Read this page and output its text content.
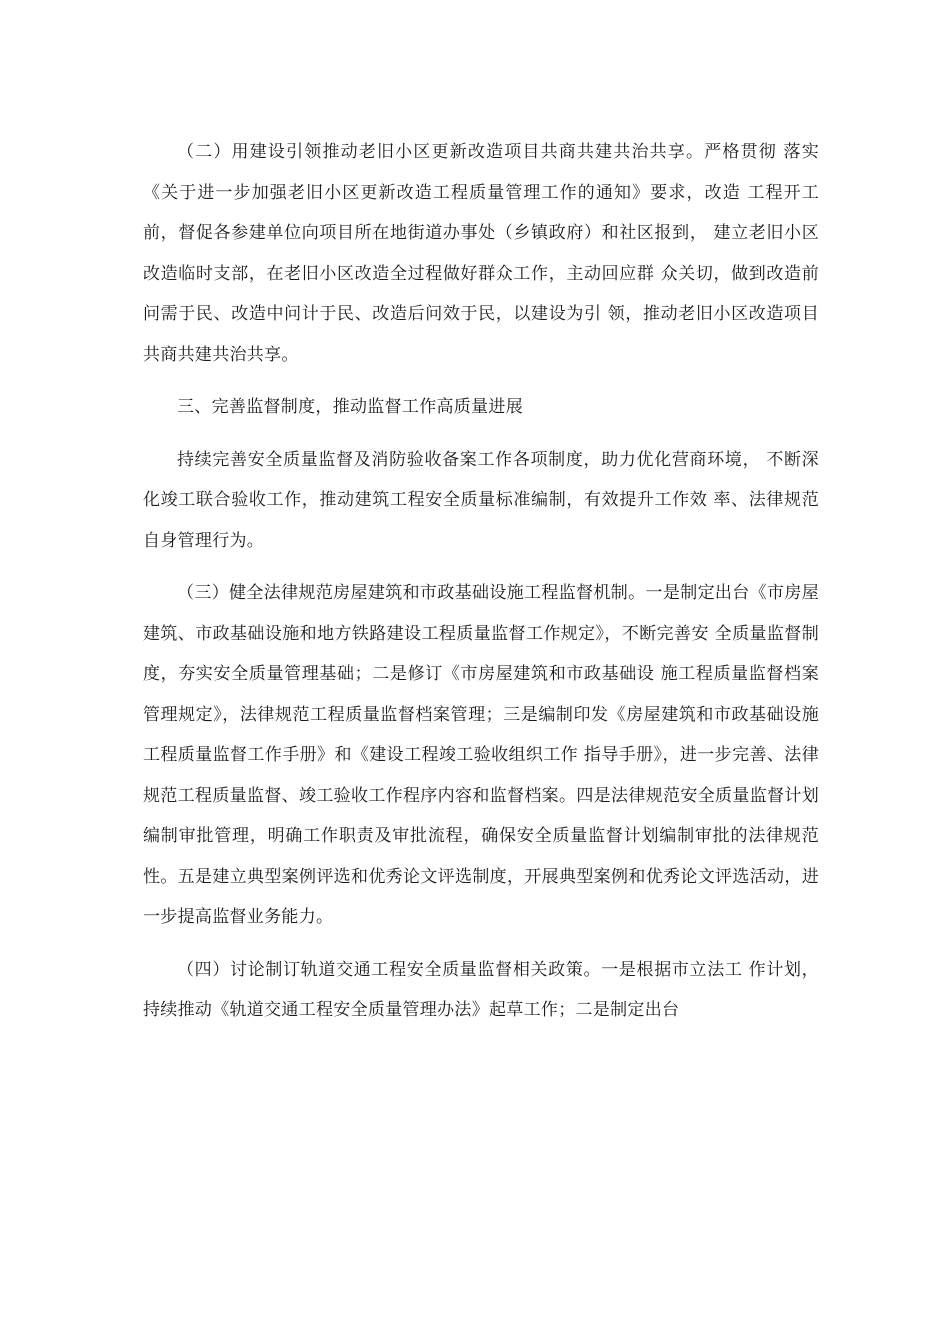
（二）用建设引领推动老旧小区更新改造项目共商共建共治共享。严格贯彻 落实《关于进一步加强老旧小区更新改造工程质量管理工作的通知》要求，改造 工程开工前，督促各参建单位向项目所在地街道办事处（乡镇政府）和社区报到， 建立老旧小区改造临时支部，在老旧小区改造全过程做好群众工作，主动回应群 众关切，做到改造前问需于民、改造中问计于民、改造后问效于民，以建设为引 领，推动老旧小区改造项目共商共建共治共享。

三、完善监督制度，推动监督工作高质量进展

持续完善安全质量监督及消防验收备案工作各项制度，助力优化营商环境， 不断深化竣工联合验收工作，推动建筑工程安全质量标准编制，有效提升工作效 率、法律规范自身管理行为。

（三）健全法律规范房屋建筑和市政基础设施工程监督机制。一是制定出台《市房屋建筑、市政基础设施和地方铁路建设工程质量监督工作规定》，不断完善安 全质量监督制度，夯实安全质量管理基础；二是修订《市房屋建筑和市政基础设 施工程质量监督档案管理规定》，法律规范工程质量监督档案管理；三是编制印发《房屋建筑和市政基础设施工程质量监督工作手册》和《建设工程竣工验收组织工作 指导手册》，进一步完善、法律规范工程质量监督、竣工验收工作程序内容和监督档案。四是法律规范安全质量监督计划编制审批管理，明确工作职责及审批流程，确保安全质量监督计划编制审批的法律规范性。五是建立典型案例评选和优秀论文评选制度，开展典型案例和优秀论文评选活动，进一步提高监督业务能力。

（四）讨论制订轨道交通工程安全质量监督相关政策。一是根据市立法工 作计划，持续推动《轨道交通工程安全质量管理办法》起草工作；二是制定出台
